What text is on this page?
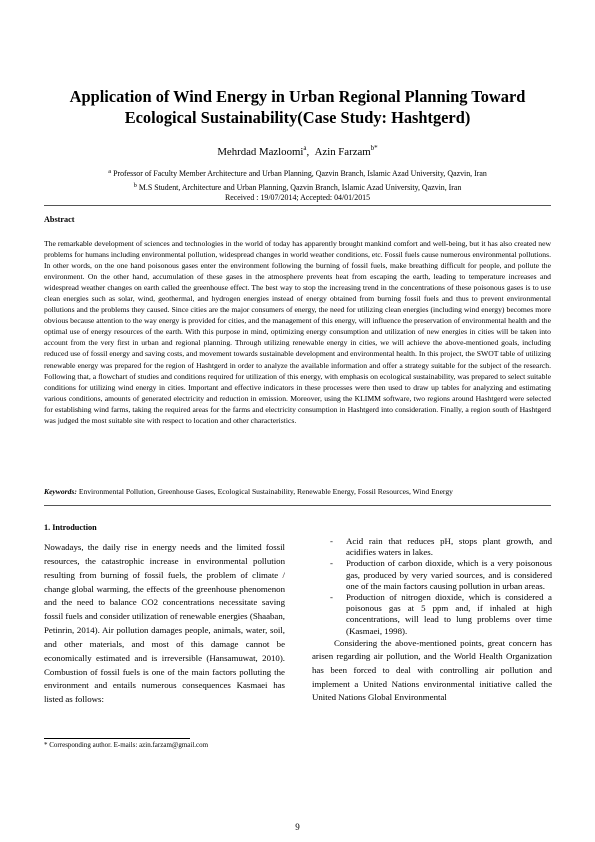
Application of Wind Energy in Urban Regional Planning Toward
Ecological Sustainability(Case Study: Hashtgerd)
Mehrdad Mazloomi$^a$,  Azin Farzam$^{b*}$
$^a$ Professor of Faculty Member Architecture and Urban Planning, Qazvin Branch, Islamic Azad University, Qazvin, Iran
$^b$ M.S Student, Architecture and Urban Planning, Qazvin Branch, Islamic Azad University, Qazvin, Iran
Received : 19/07/2014; Accepted: 04/01/2015
Abstract
The remarkable development of sciences and technologies in the world of today has apparently brought mankind comfort and well-being, but it has also created new problems for humans including environmental pollution, widespread changes in world weather conditions, etc. Fossil fuels cause numerous environmental pollutions. In other words, on the one hand poisonous gases enter the environment following the burning of fossil fuels, make breathing difficult for people, and pollute the environment. On the other hand, accumulation of these gases in the atmosphere prevents heat from escaping the earth, leading to temperature increases and widespread weather changes on earth called the greenhouse effect. The best way to stop the increasing trend in the concentrations of these poisonous gases is to use clean energies such as solar, wind, geothermal, and hydrogen energies instead of energy obtained from burning fossil fuels and thus to prevent environmental pollutions and the problems they caused. Since cities are the major consumers of energy, the need for utilizing clean energies (including wind energy) becomes more obvious because attention to the way energy is provided for cities, and the management of this energy, will influence the preservation of environmental health and the optimal use of energy resources of the earth. With this purpose in mind, optimizing energy consumption and utilization of new energies in cities will be taken into account from the very first in urban and regional planning. Through utilizing renewable energy in cities, we will achieve the above-mentioned goals, including reduced use of fossil energy and saving costs, and movement towards sustainable development and environmental health. In this project, the SWOT table of utilizing renewable energy was prepared for the region of Hashtgerd in order to analyze the available information and offer a strategy suitable for the subject of the research. Following that, a flowchart of studies and conditions required for utilization of this energy, with emphasis on ecological sustainability, was prepared to select suitable conditions for utilizing wind energy in cities. Important and effective indicators in these processes were then used to draw up tables for analyzing and estimating various conditions, amounts of generated electricity and reduction in emission. Moreover, using the KLIMM software, two regions around Hashtgerd were selected for establishing wind farms, taking the required areas for the farms and electricity consumption in Hashtgerd into consideration. Finally, a region south of Hashtgerd was judged the most suitable site with respect to location and other characteristics.
Keywords: Environmental Pollution, Greenhouse Gases, Ecological Sustainability, Renewable Energy, Fossil Resources, Wind Energy
1. Introduction
Nowadays, the daily rise in energy needs and the limited fossil resources, the catastrophic increase in environmental pollution resulting from burning of fossil fuels, the problem of climate / change global warming, the effects of the greenhouse phenomenon and the need to balance CO2 concentrations necessitate saving fossil fuels and consider utilization of renewable energies (Shaaban, Petinrin, 2014). Air pollution damages people, animals, water, soil, and other materials, and most of this damage cannot be economically estimated and is irreversible (Hansamuwat, 2010). Combustion of fossil fuels is one of the main factors polluting the environment and entails numerous consequences Kasmaei has listed as follows:
- Acid rain that reduces pH, stops plant growth, and acidifies waters in lakes.
- Production of carbon dioxide, which is a very poisonous gas, produced by very varied sources, and is considered one of the main factors causing pollution in urban areas.
- Production of nitrogen dioxide, which is considered a poisonous gas at 5 ppm and, if inhaled at high concentrations, will lead to lung problems over time (Kasmaei, 1998).

Considering the above-mentioned points, great concern has arisen regarding air pollution, and the World Health Organization has been forced to deal with controlling air pollution and implement a United Nations environmental initiative called the United Nations Global Environmental

* Corresponding author. E-mails: azin.farzam@gmail.com
9
